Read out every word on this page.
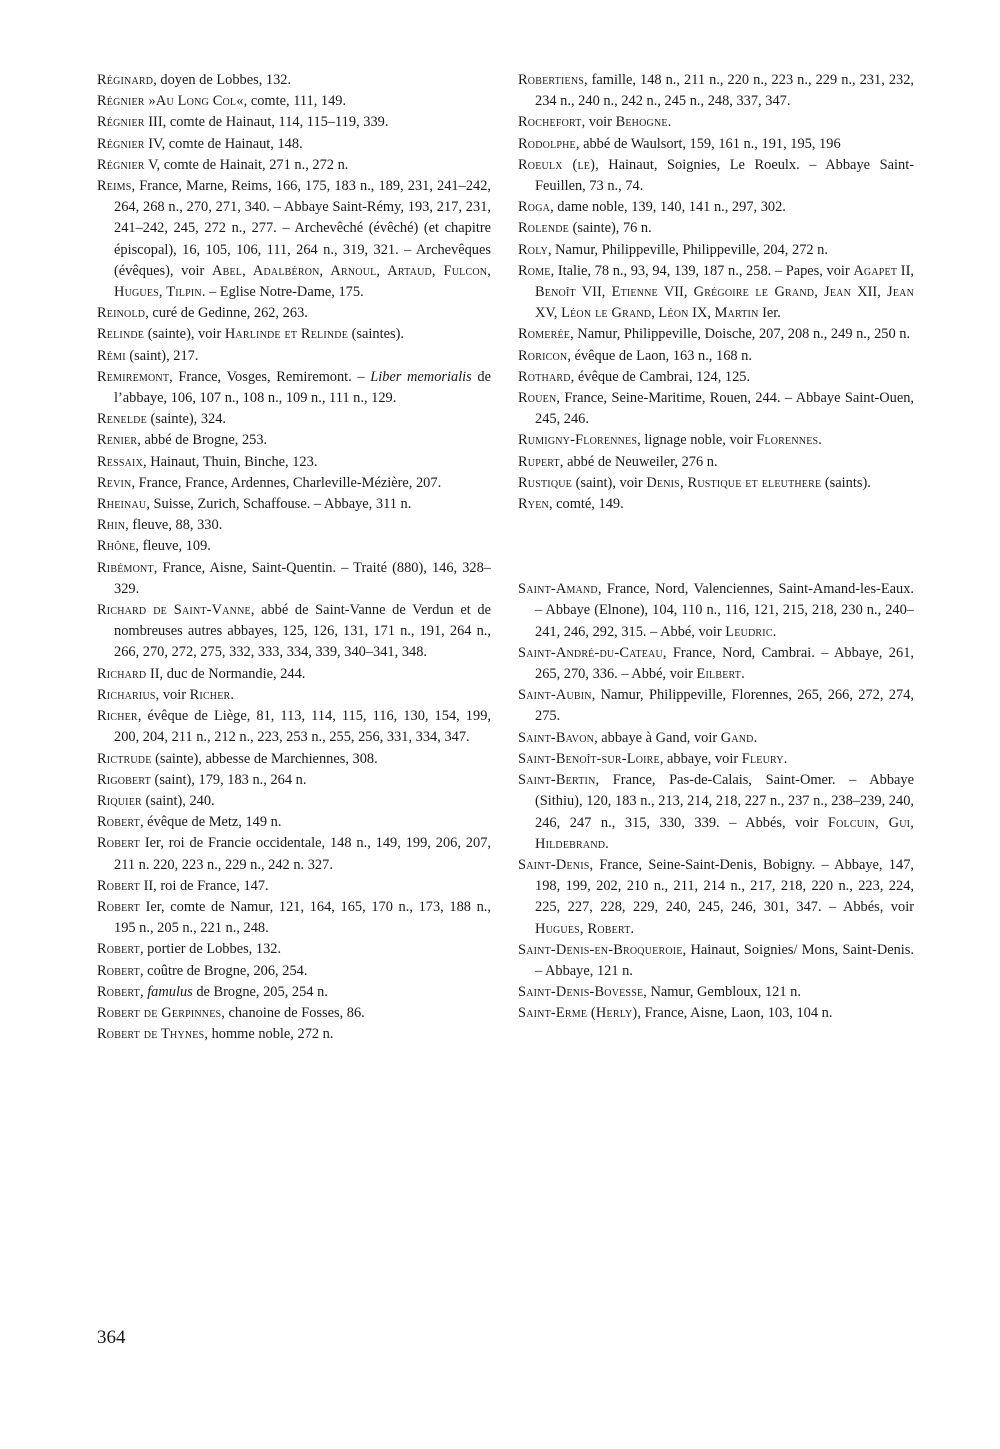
Réginard, doyen de Lobbes, 132.
Régnier »Au Long Col«, comte, 111, 149.
Régnier III, comte de Hainaut, 114, 115–119, 339.
Régnier IV, comte de Hainaut, 148.
Régnier V, comte de Hainait, 271 n., 272 n.
Reims, France, Marne, Reims, 166, 175, 183 n., 189, 231, 241–242, 264, 268 n., 270, 271, 340. – Abbaye Saint-Rémy, 193, 217, 231, 241–242, 245, 272 n., 277. – Archevêché (évêché) (et chapitre épiscopal), 16, 105, 106, 111, 264 n., 319, 321. – Archevêques (évêques), voir Abel, Adalbéron, Arnoul, Artaud, Fulcon, Hugues, Tilpin. – Eglise Notre-Dame, 175.
Reinold, curé de Gedinne, 262, 263.
Relinde (sainte), voir Harlinde et Relinde (saintes).
Rémi (saint), 217.
Remiremont, France, Vosges, Remiremont. – Liber memorialis de l’abbaye, 106, 107 n., 108 n., 109 n., 111 n., 129.
Renelde (sainte), 324.
Renier, abbé de Brogne, 253.
Ressaix, Hainaut, Thuin, Binche, 123.
Revin, France, France, Ardennes, Charleville-Mézière, 207.
Rheinau, Suisse, Zurich, Schaffouse. – Abbaye, 311 n.
Rhin, fleuve, 88, 330.
Rhône, fleuve, 109.
Ribémont, France, Aisne, Saint-Quentin. – Traité (880), 146, 328–329.
Richard de Saint-Vanne, abbé de Saint-Vanne de Verdun et de nombreuses autres abbayes, 125, 126, 131, 171 n., 191, 264 n., 266, 270, 272, 275, 332, 333, 334, 339, 340–341, 348.
Richard II, duc de Normandie, 244.
Richarius, voir Richer.
Richer, évêque de Liège, 81, 113, 114, 115, 116, 130, 154, 199, 200, 204, 211 n., 212 n., 223, 253 n., 255, 256, 331, 334, 347.
Rictrude (sainte), abbesse de Marchiennes, 308.
Rigobert (saint), 179, 183 n., 264 n.
Riquier (saint), 240.
Robert, évêque de Metz, 149 n.
Robert Ier, roi de Francie occidentale, 148 n., 149, 199, 206, 207, 211 n. 220, 223 n., 229 n., 242 n. 327.
Robert II, roi de France, 147.
Robert Ier, comte de Namur, 121, 164, 165, 170 n., 173, 188 n., 195 n., 205 n., 221 n., 248.
Robert, portier de Lobbes, 132.
Robert, coûtre de Brogne, 206, 254.
Robert, famulus de Brogne, 205, 254 n.
Robert de Gerpinnes, chanoine de Fosses, 86.
Robert de Thynes, homme noble, 272 n.
Robertiens, famille, 148 n., 211 n., 220 n., 223 n., 229 n., 231, 232, 234 n., 240 n., 242 n., 245 n., 248, 337, 347.
Rochefort, voir Behogne.
Rodolphe, abbé de Waulsort, 159, 161 n., 191, 195, 196
Roeulx (le), Hainaut, Soignies, Le Roeulx. – Abbaye Saint-Feuillen, 73 n., 74.
Roga, dame noble, 139, 140, 141 n., 297, 302.
Rolende (sainte), 76 n.
Roly, Namur, Philippeville, Philippeville, 204, 272 n.
Rome, Italie, 78 n., 93, 94, 139, 187 n., 258. – Papes, voir Agapet II, Benoît VII, Etienne VII, Grégoire le Grand, Jean XII, Jean XV, Léon le Grand, Léon IX, Martin Ier.
Romerée, Namur, Philippeville, Doische, 207, 208 n., 249 n., 250 n.
Roricon, évêque de Laon, 163 n., 168 n.
Rothard, évêque de Cambrai, 124, 125.
Rouen, France, Seine-Maritime, Rouen, 244. – Abbaye Saint-Ouen, 245, 246.
Rumigny-Florennes, lignage noble, voir Florennes.
Rupert, abbé de Neuweiler, 276 n.
Rustique (saint), voir Denis, Rustique et eleuthere (saints).
Ryen, comté, 149.
Saint-Amand, France, Nord, Valenciennes, Saint-Amand-les-Eaux. – Abbaye (Elnone), 104, 110 n., 116, 121, 215, 218, 230 n., 240–241, 246, 292, 315. – Abbé, voir Leudric.
Saint-André-du-Cateau, France, Nord, Cambrai. – Abbaye, 261, 265, 270, 336. – Abbé, voir Eilbert.
Saint-Aubin, Namur, Philippeville, Florennes, 265, 266, 272, 274, 275.
Saint-Bavon, abbaye à Gand, voir Gand.
Saint-Benoît-sur-Loire, abbaye, voir Fleury.
Saint-Bertin, France, Pas-de-Calais, Saint-Omer. – Abbaye (Sithiu), 120, 183 n., 213, 214, 218, 227 n., 237 n., 238–239, 240, 246, 247 n., 315, 330, 339. – Abbés, voir Folcuin, Gui, Hildebrand.
Saint-Denis, France, Seine-Saint-Denis, Bobigny. – Abbaye, 147, 198, 199, 202, 210 n., 211, 214 n., 217, 218, 220 n., 223, 224, 225, 227, 228, 229, 240, 245, 246, 301, 347. – Abbés, voir Hugues, Robert.
Saint-Denis-en-Broqueroie, Hainaut, Soignies/ Mons, Saint-Denis. – Abbaye, 121 n.
Saint-Denis-Bovesse, Namur, Gembloux, 121 n.
Saint-Erme (Herly), France, Aisne, Laon, 103, 104 n.
364
